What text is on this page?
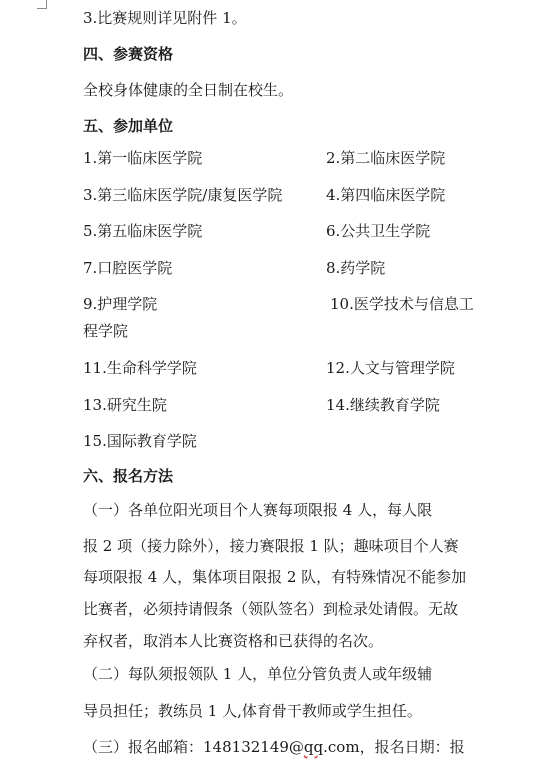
3.比赛规则详见附件 1。
四、参赛资格
全校身体健康的全日制在校生。
五、参加单位
1.第一临床医学院	2.第二临床医学院
3.第三临床医学院/康复医学院	4.第四临床医学院
5.第五临床医学院	6.公共卫生学院
7.口腔医学院	8.药学院
9.护理学院	10.医学技术与信息工
程学院
11.生命科学学院	12.人文与管理学院
13.研究生院	14.继续教育学院
15.国际教育学院
六、报名方法
（一）各单位阳光项目个人赛每项限报 4 人，每人限
报 2 项（接力除外），接力赛限报 1 队；趣味项目个人赛
每项限报 4 人，集体项目限报 2 队，有特殊情况不能参加
比赛者，必须持请假条（领队签名）到检录处请假。无故
弃权者，取消本人比赛资格和已获得的名次。
（二）每队须报领队 1 人，单位分管负责人或年级辅
导员担任；教练员 1 人,体育骨干教师或学生担任。
（三）报名邮箱：148132149@qq.com，报名日期：报
